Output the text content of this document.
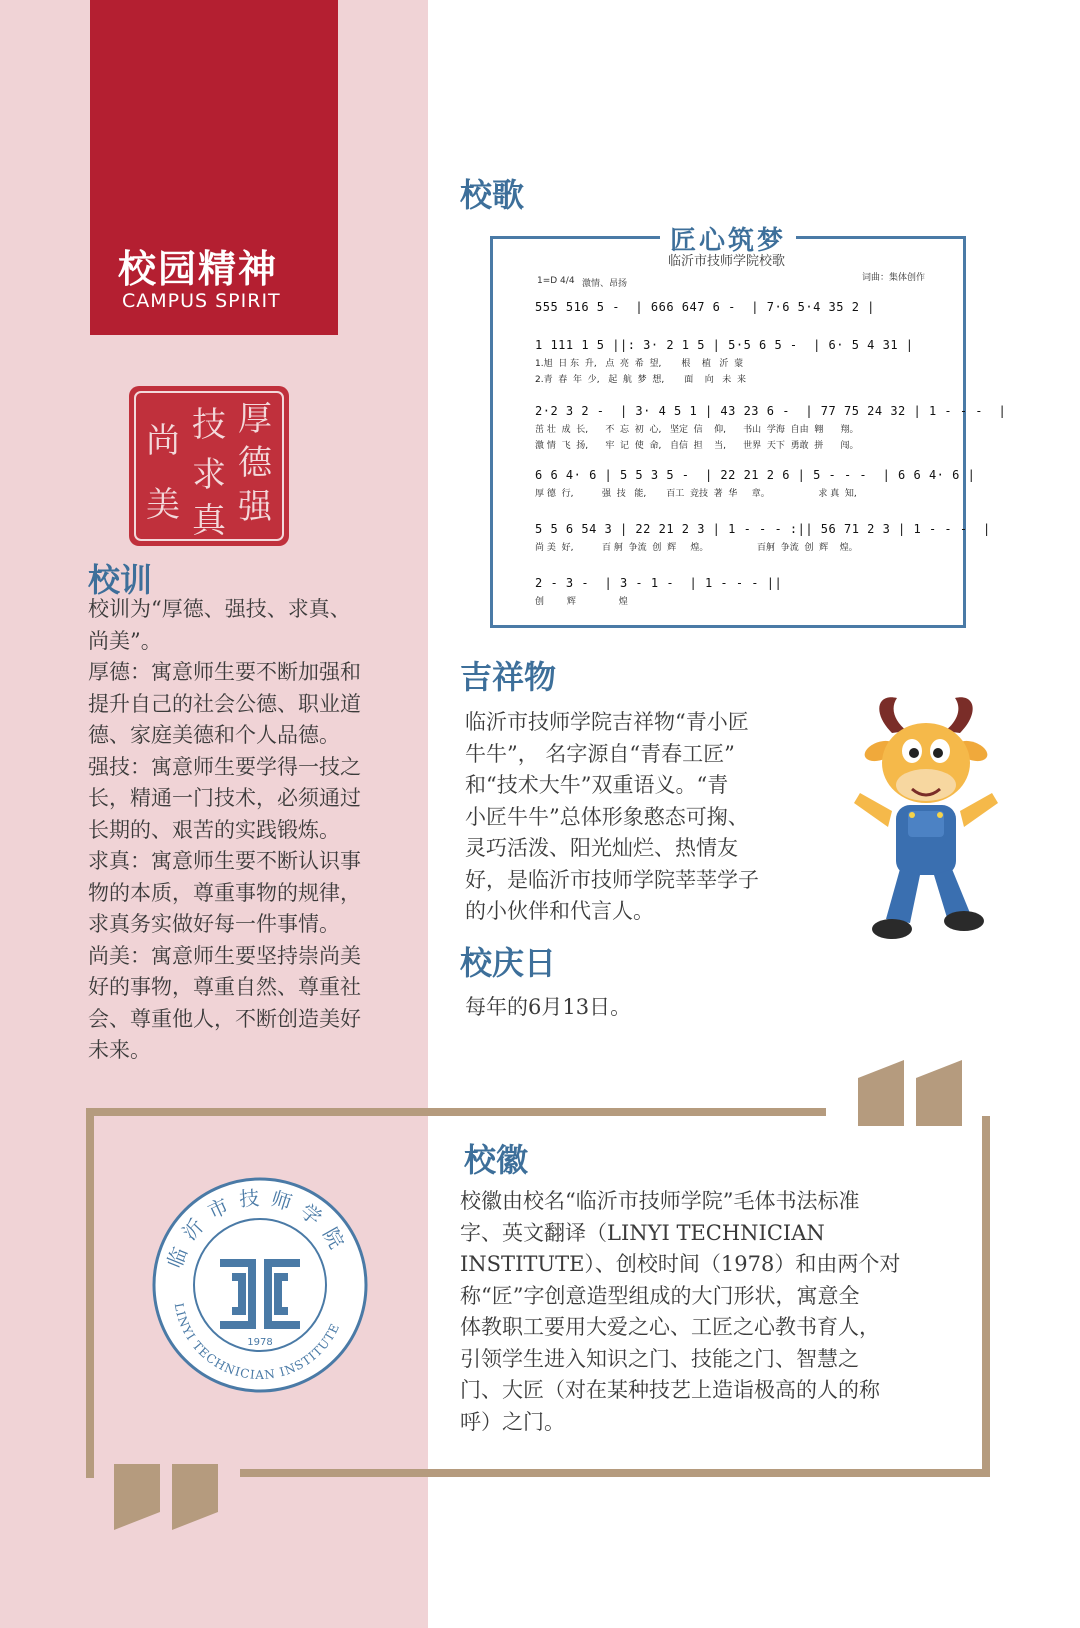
校园精神
CAMPUS SPIRIT
厚
德
强
技
求
真
尚
美
校训

校训为“厚德、强技、求真、

尚美”。

厚德：寓意师生要不断加强和

提升自己的社会公德、职业道

德、家庭美德和个人品德。

强技：寓意师生要学得一技之

长，精通一门技术，必须通过

长期的、艰苦的实践锻炼。

求真：寓意师生要不断认识事

物的本质，尊重事物的规律，

求真务实做好每一件事情。

尚美：寓意师生要坚持崇尚美

好的事物，尊重自然、尊重社

会、尊重他人，不断创造美好

未来。

校歌
匠心筑梦
临沂市技师学院校歌
1=D 4/4 激情、昂扬
词曲：集体创作
555 516 5 -  | 666 647 6 -  | 7·6 5·4 35 2 |
1 111 1 5 ||: 3· 2 1 5 | 5·5 6 5 -  | 6· 5 4 31 |
1.旭  日 东  升,   点  亮  希  望,       根    植   沂  蒙
2.青  春  年  少,   起  航  梦  想,       面    向   未  来
2·2 3 2 -  | 3· 4 5 1 | 43 23 6 -  | 77 75 24 32 | 1 - - -  |
茁 壮  成  长,      不  忘  初  心,   坚定  信    仰,      书山  学海  自由  翱      翔。
激 情  飞  扬,      牢  记  使  命,   自信  担    当,      世界  天下  勇敢  拼      闯。
6 6 4· 6 | 5 5 3 5 -  | 22 21 2 6 | 5 - - -  | 6 6 4· 6 |
厚 德  行,          强  技   能,       百工  竞技  著  华     章。                 求 真  知,
5 5 6 54 3 | 22 21 2 3 | 1 - - - :|| 56 71 2 3 | 1 - - -  |
尚 美  好,          百 舸  争流  创  辉     煌。                 百舸  争流  创  辉    煌。
2 - 3 -  | 3 - 1 -  | 1 - - - ||
创        辉               煌
吉祥物

临沂市技师学院吉祥物“青小匠

牛牛”， 名字源自“青春工匠”

和“技术大牛”双重语义。“青

小匠牛牛”总体形象憨态可掬、

灵巧活泼、阳光灿烂、热情友

好，是临沂市技师学院莘莘学子

的小伙伴和代言人。

校庆日
每年的6月13日。
校徽

校徽由校名“临沂市技师学院”毛体书法标准

字、英文翻译（LINYI TECHNICIAN

INSTITUTE）、创校时间（1978）和由两个对

称“匠”字创意造型组成的大门形状，寓意全

体教职工要用大爱之心、工匠之心教书育人，

引领学生进入知识之门、技能之门、智慧之

门、大匠（对在某种技艺上造诣极高的人的称

呼）之门。

临沂市技师学院
LINYI TECHNICIAN INSTITUTE
1978
